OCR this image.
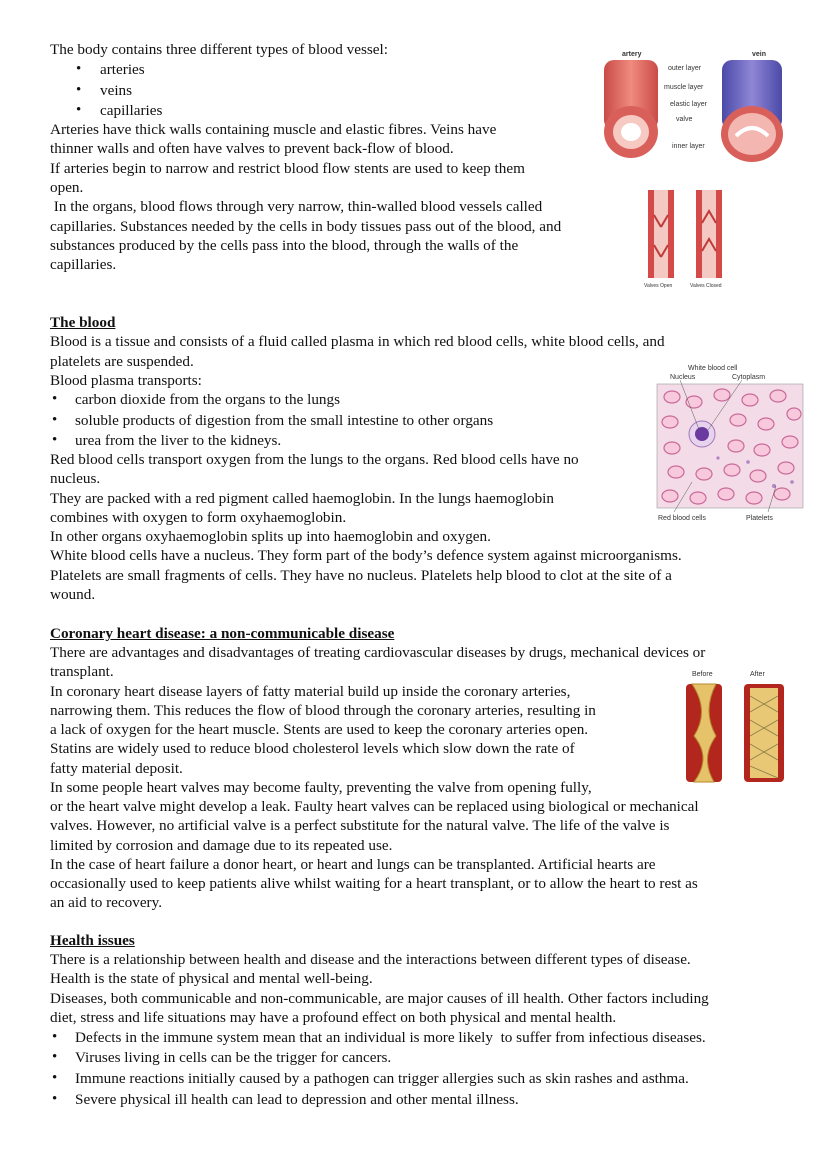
The body contains three different types of blood vessel:
• arteries
• veins
• capillaries
Arteries have thick walls containing muscle and elastic fibres. Veins have
thinner walls and often have valves to prevent back-flow of blood.
If arteries begin to narrow and restrict blood flow stents are used to keep them
open.
In the organs, blood flows through very narrow, thin-walled blood vessels called
capillaries. Substances needed by the cells in body tissues pass out of the blood, and
substances produced by the cells pass into the blood, through the walls of the
capillaries.
artery	vein
outer layer
muscle layer
elastic layer
valve
inner layer
Valves Open	Valves Closed
The blood
Blood is a tissue and consists of a fluid called plasma in which red blood cells, white blood cells, and
platelets are suspended.
Blood plasma transports:
• carbon dioxide from the organs to the lungs
• soluble products of digestion from the small intestine to other organs
• urea from the liver to the kidneys.
Red blood cells transport oxygen from the lungs to the organs. Red blood cells have no
nucleus.
They are packed with a red pigment called haemoglobin. In the lungs haemoglobin
combines with oxygen to form oxyhaemoglobin.
In other organs oxyhaemoglobin splits up into haemoglobin and oxygen.
White blood cells have a nucleus. They form part of the body’s defence system against microorganisms.
Platelets are small fragments of cells. They have no nucleus. Platelets help blood to clot at the site of a
wound.
White blood cell
Nucleus	Cytoplasm
Red blood cells	Platelets
Coronary heart disease: a non-communicable disease
There are advantages and disadvantages of treating cardiovascular diseases by drugs, mechanical devices or
transplant.
In coronary heart disease layers of fatty material build up inside the coronary arteries,
narrowing them. This reduces the flow of blood through the coronary arteries, resulting in
a lack of oxygen for the heart muscle. Stents are used to keep the coronary arteries open.
Statins are widely used to reduce blood cholesterol levels which slow down the rate of
fatty material deposit.
In some people heart valves may become faulty, preventing the valve from opening fully,
or the heart valve might develop a leak. Faulty heart valves can be replaced using biological or mechanical
valves. However, no artificial valve is a perfect substitute for the natural valve. The life of the valve is
limited by corrosion and damage due to its repeated use.
In the case of heart failure a donor heart, or heart and lungs can be transplanted. Artificial hearts are
occasionally used to keep patients alive whilst waiting for a heart transplant, or to allow the heart to rest as
an aid to recovery.
Before	After
Health issues
There is a relationship between health and disease and the interactions between different types of disease.
Health is the state of physical and mental well-being.
Diseases, both communicable and non-communicable, are major causes of ill health. Other factors including
diet, stress and life situations may have a profound effect on both physical and mental health.
• Defects in the immune system mean that an individual is more likely  to suffer from infectious diseases.
• Viruses living in cells can be the trigger for cancers.
• Immune reactions initially caused by a pathogen can trigger allergies such as skin rashes and asthma.
• Severe physical ill health can lead to depression and other mental illness.
